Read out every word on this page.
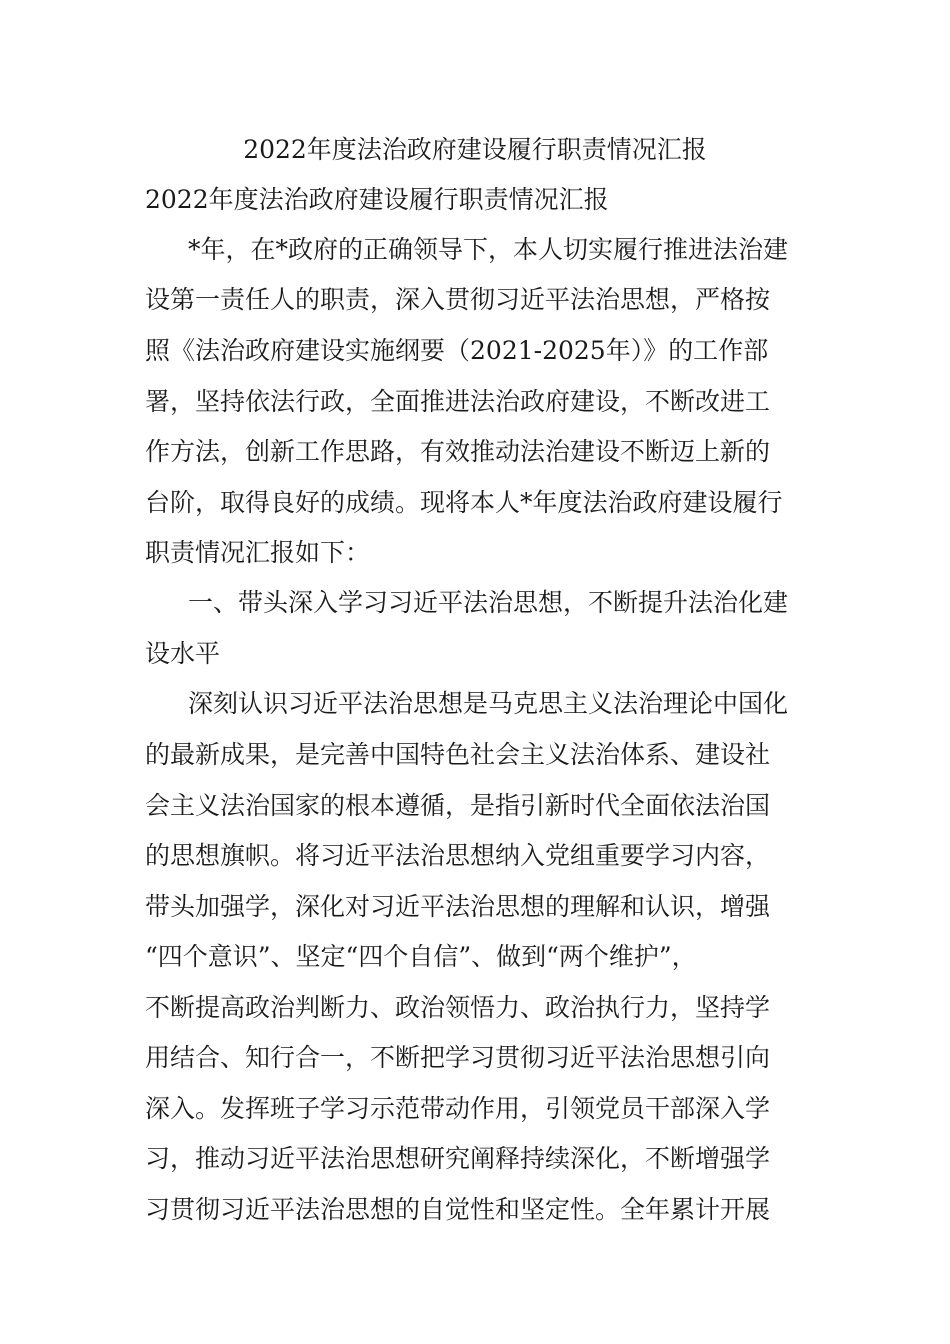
2022年度法治政府建设履行职责情况汇报
2022年度法治政府建设履行职责情况汇报
*年，在*政府的正确领导下，本人切实履行推进法治建
设第一责任人的职责，深入贯彻习近平法治思想，严格按
照《法治政府建设实施纲要（2021-2025年）》的工作部
署，坚持依法行政，全面推进法治政府建设，不断改进工
作方法，创新工作思路，有效推动法治建设不断迈上新的
台阶，取得良好的成绩。现将本人*年度法治政府建设履行
职责情况汇报如下：
一、带头深入学习习近平法治思想，不断提升法治化建
设水平
深刻认识习近平法治思想是马克思主义法治理论中国化
的最新成果，是完善中国特色社会主义法治体系、建设社
会主义法治国家的根本遵循，是指引新时代全面依法治国
的思想旗帜。将习近平法治思想纳入党组重要学习内容，
带头加强学，深化对习近平法治思想的理解和认识，增强
“四个意识”、坚定“四个自信”、做到“两个维护”，
不断提高政治判断力、政治领悟力、政治执行力，坚持学
用结合、知行合一，不断把学习贯彻习近平法治思想引向
深入。发挥班子学习示范带动作用，引领党员干部深入学
习，推动习近平法治思想研究阐释持续深化，不断增强学
习贯彻习近平法治思想的自觉性和坚定性。全年累计开展
